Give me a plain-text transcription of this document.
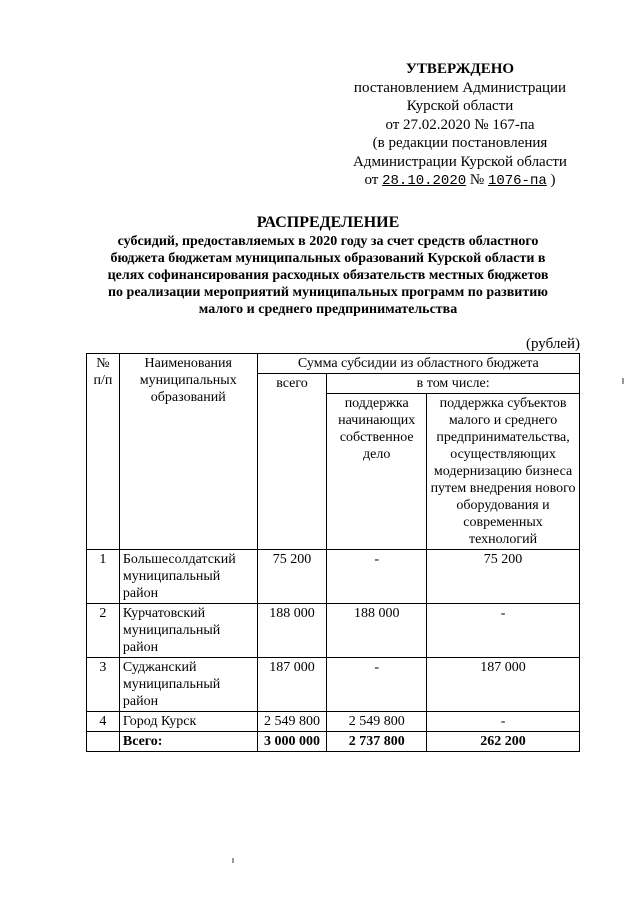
УТВЕРЖДЕНО
постановлением Администрации
Курской области
от 27.02.2020 № 167-па
(в редакции постановления
Администрации Курской области
от 28.10.2020 № 1076-па )
РАСПРЕДЕЛЕНИЕ
субсидий, предоставляемых в 2020 году за счет средств областного
бюджета бюджетам муниципальных образований Курской области в
целях софинансирования расходных обязательств местных бюджетов
по реализации мероприятий муниципальных программ по развитию
малого и среднего предпринимательства
(рублей)
№ п/п	Наименования муниципальных образований	Сумма субсидии из областного бюджета		
		всего	в том числе:	
			поддержка начинающих собственное дело	поддержка субъектов малого и среднего предпринимательства, осуществляющих модернизацию бизнеса путем внедрения нового оборудования и современных технологий
1	Большесолдатский муниципальный район	75 200	-	75 200
2	Курчатовский муниципальный район	188 000	188 000	-
3	Суджанский муниципальный район	187 000	-	187 000
4	Город Курск	2 549 800	2 549 800	-
	Всего:	3 000 000	2 737 800	262 200
